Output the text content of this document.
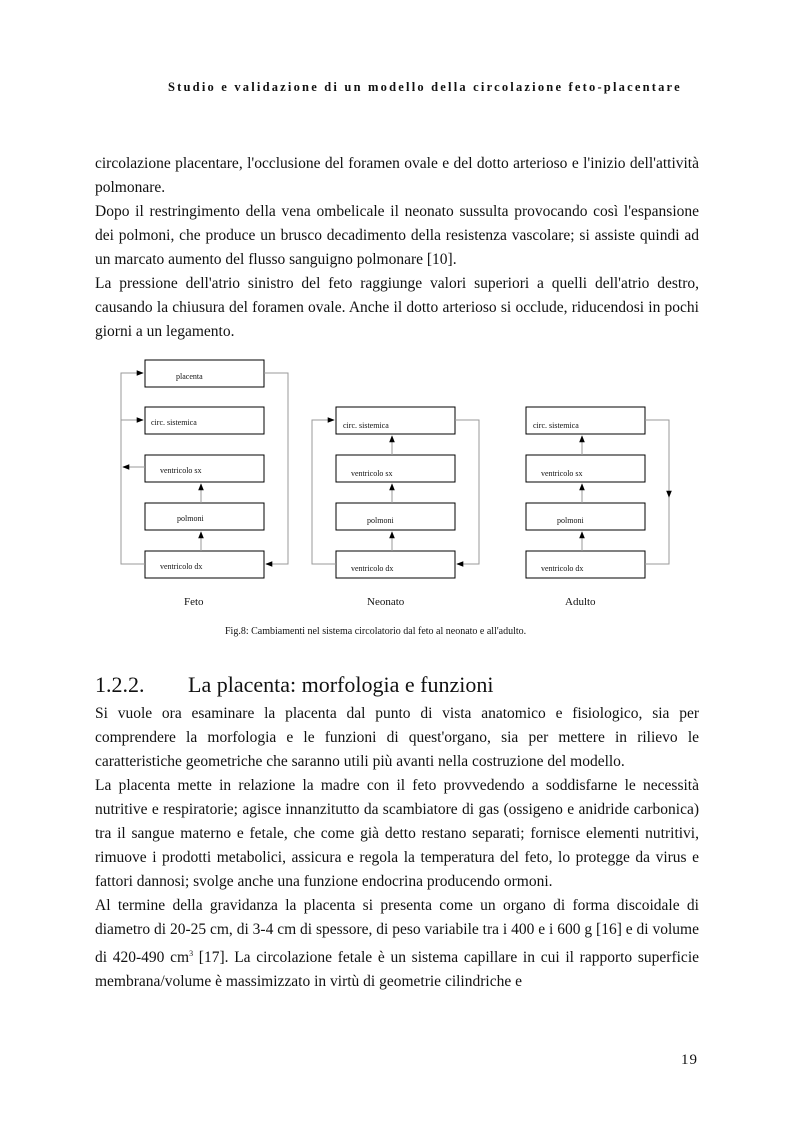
Studio e validazione di un modello della circolazione feto-placentare

circolazione placentare, l'occlusione del foramen ovale e del dotto arterioso e l'inizio dell'attività polmonare.

Dopo il restringimento della vena ombelicale il neonato sussulta provocando così l'espansione dei polmoni, che produce un brusco decadimento della resistenza vascolare; si assiste quindi ad un marcato aumento del flusso sanguigno polmonare [10].

La pressione dell'atrio sinistro del feto raggiunge valori superiori a quelli dell'atrio destro, causando la chiusura del foramen ovale. Anche il dotto arterioso si occlude, riducendosi in pochi giorni a un legamento.

placenta
circ. sistemica
ventricolo sx
polmoni
ventricolo dx
circ. sistemica
ventricolo sx
polmoni
ventricolo dx
circ. sistemica
ventricolo sx
polmoni
ventricolo dx
Feto	Neonato	Adulto
Fig.8: Cambiamenti nel sistema circolatorio dal feto al neonato e all'adulto.
1.2.2. La placenta: morfologia e funzioni

Si vuole ora esaminare la placenta dal punto di vista anatomico e fisiologico, sia per comprendere la morfologia e le funzioni di quest'organo, sia per mettere in rilievo le caratteristiche geometriche che saranno utili più avanti nella costruzione del modello.

La placenta mette in relazione la madre con il feto provvedendo a soddisfarne le necessità nutritive e respiratorie; agisce innanzitutto da scambiatore di gas (ossigeno e anidride carbonica) tra il sangue materno e fetale, che come già detto restano separati; fornisce elementi nutritivi, rimuove i prodotti metabolici, assicura e regola la temperatura del feto, lo protegge da virus e fattori dannosi; svolge anche una funzione endocrina producendo ormoni.

Al termine della gravidanza la placenta si presenta come un organo di forma discoidale di diametro di 20-25 cm, di 3-4 cm di spessore, di peso variabile tra i 400 e i 600 g [16] e di volume di 420-490 $cm^3$ [17]. La circolazione fetale è un sistema capillare in cui il rapporto superficie membrana/volume è massimizzato in virtù di geometrie cilindriche e

19
